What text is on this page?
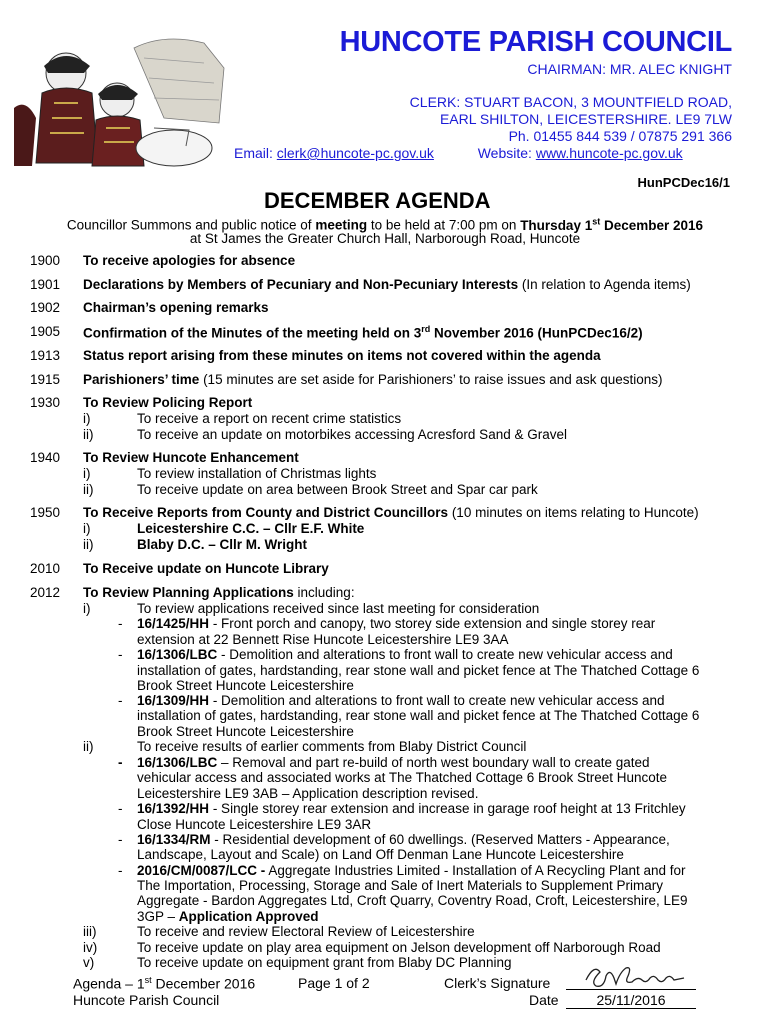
HUNCOTE PARISH COUNCIL
CHAIRMAN: MR. ALEC KNIGHT
CLERK: STUART BACON, 3 MOUNTFIELD ROAD,
EARL SHILTON, LEICESTERSHIRE. LE9 7LW
Ph. 01455 844 539 / 07875 291 366
Email: clerk@huncote-pc.gov.uk	Website: www.huncote-pc.gov.uk
HunPCDec16/1
DECEMBER AGENDA
Councillor Summons and public notice of meeting to be held at 7:00 pm on Thursday 1st December 2016
at St James the Greater Church Hall, Narborough Road, Huncote
1900 To receive apologies for absence
1901 Declarations by Members of Pecuniary and Non-Pecuniary Interests (In relation to Agenda items)
1902 Chairman’s opening remarks
1905 Confirmation of the Minutes of the meeting held on 3rd November 2016 (HunPCDec16/2)
1913 Status report arising from these minutes on items not covered within the agenda
1915 Parishioners’ time (15 minutes are set aside for Parishioners’ to raise issues and ask questions)
1930 To Review Policing Report
i)	To receive a report on recent crime statistics
ii)	To receive an update on motorbikes accessing Acresford Sand & Gravel
1940 To Review Huncote Enhancement
i)	To review installation of Christmas lights
ii)	To receive update on area between Brook Street and Spar car park
1950 To Receive Reports from County and District Councillors (10 minutes on items relating to Huncote)
i)	Leicestershire C.C. – Cllr E.F. White
ii)	Blaby D.C. – Cllr M. Wright
2010 To Receive update on Huncote Library
2012 To Review Planning Applications including:
i)	To review applications received since last meeting for consideration
- 16/1425/HH - Front porch and canopy, two storey side extension and single storey rear
extension at 22 Bennett Rise Huncote Leicestershire LE9 3AA
- 16/1306/LBC - Demolition and alterations to front wall to create new vehicular access and
installation of gates, hardstanding, rear stone wall and picket fence at The Thatched Cottage 6
Brook Street Huncote Leicestershire
- 16/1309/HH - Demolition and alterations to front wall to create new vehicular access and
installation of gates, hardstanding, rear stone wall and picket fence at The Thatched Cottage 6
Brook Street Huncote Leicestershire
ii)	To receive results of earlier comments from Blaby District Council
- 16/1306/LBC – Removal and part re-build of north west boundary wall to create gated
vehicular access and associated works at The Thatched Cottage 6 Brook Street Huncote
Leicestershire LE9 3AB – Application description revised.
- 16/1392/HH - Single storey rear extension and increase in garage roof height at 13 Fritchley
Close Huncote Leicestershire LE9 3AR
- 16/1334/RM - Residential development of 60 dwellings. (Reserved Matters - Appearance,
Landscape, Layout and Scale) on Land Off Denman Lane Huncote Leicestershire
- 2016/CM/0087/LCC - Aggregate Industries Limited - Installation of A Recycling Plant and for
The Importation, Processing, Storage and Sale of Inert Materials to Supplement Primary
Aggregate - Bardon Aggregates Ltd, Croft Quarry, Coventry Road, Croft, Leicestershire, LE9
3GP – Application Approved
iii)	To receive and review Electoral Review of Leicestershire
iv)	To receive update on play area equipment on Jelson development off Narborough Road
v)	To receive update on equipment grant from Blaby DC Planning
Agenda – 1st December 2016	Page 1 of 2
Huncote Parish Council
Clerk’s Signature
Date	25/11/2016
